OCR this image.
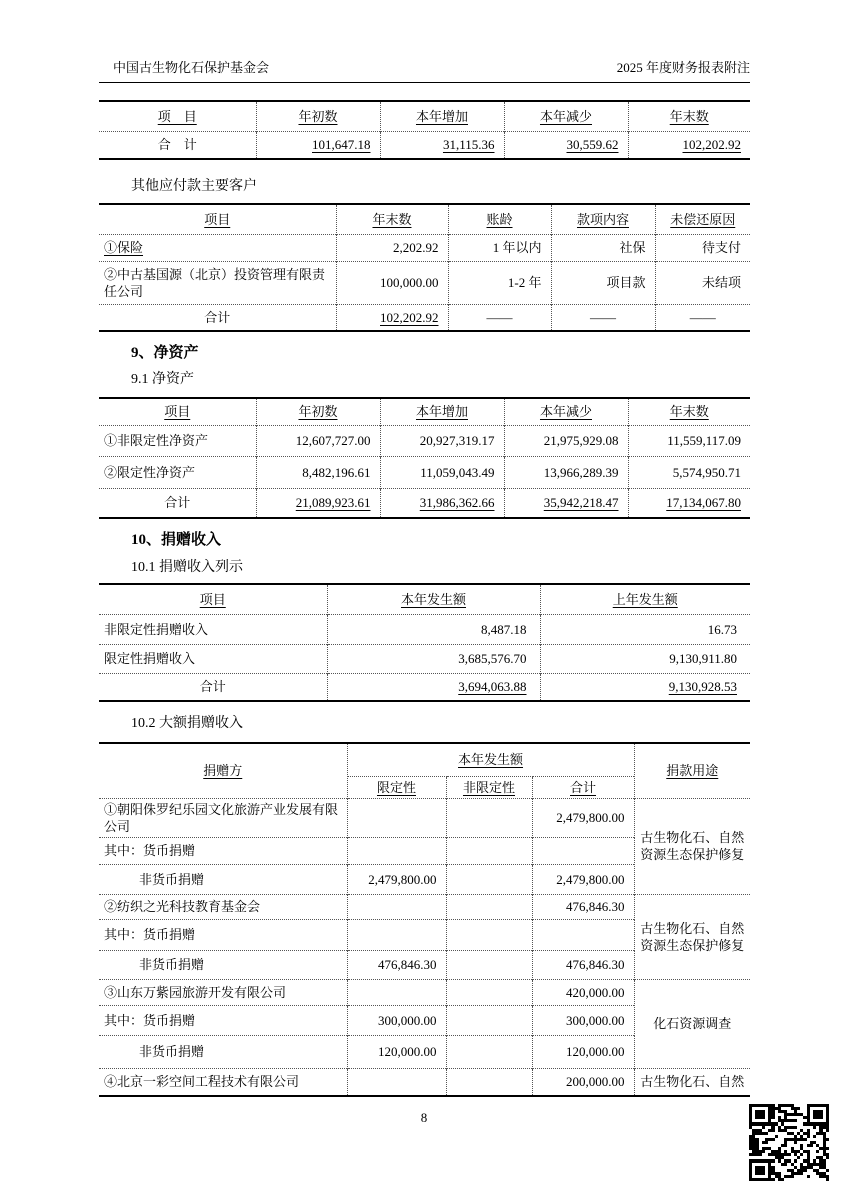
中国古生物化石保护基金会	2025 年度财务报表附注
项　目	年初数	本年增加	本年减少	年末数
合　计	101,647.18	31,115.36	30,559.62	102,202.92
其他应付款主要客户
项目	年末数	账龄	款项内容	未偿还原因
①保险	2,202.92	1 年以内	社保	待支付
②中古基国源（北京）投资管理有限责任公司	100,000.00	1-2 年	项目款	未结项
合计	102,202.92	——	——	——
9、净资产
9.1 净资产
项目	年初数	本年增加	本年减少	年末数
①非限定性净资产	12,607,727.00	20,927,319.17	21,975,929.08	11,559,117.09
②限定性净资产	8,482,196.61	11,059,043.49	13,966,289.39	5,574,950.71
合计	21,089,923.61	31,986,362.66	35,942,218.47	17,134,067.80
10、捐赠收入
10.1 捐赠收入列示
项目	本年发生额	上年发生额
非限定性捐赠收入	8,487.18	16.73
限定性捐赠收入	3,685,576.70	9,130,911.80
合计	3,694,063.88	9,130,928.53
10.2 大额捐赠收入
捐赠方	本年发生额			捐款用途
	限定性	非限定性	合计	
①朝阳侏罗纪乐园文化旅游产业发展有限公司			2,479,800.00	古生物化石、自然资源生态保护修复
其中：货币捐赠				
非货币捐赠	2,479,800.00		2,479,800.00	
②纺织之光科技教育基金会			476,846.30	古生物化石、自然资源生态保护修复
其中：货币捐赠				
非货币捐赠	476,846.30		476,846.30	
③山东万紫园旅游开发有限公司			420,000.00	化石资源调查
其中：货币捐赠	300,000.00		300,000.00	
非货币捐赠	120,000.00		120,000.00	
④北京一彩空间工程技术有限公司			200,000.00	古生物化石、自然
8
